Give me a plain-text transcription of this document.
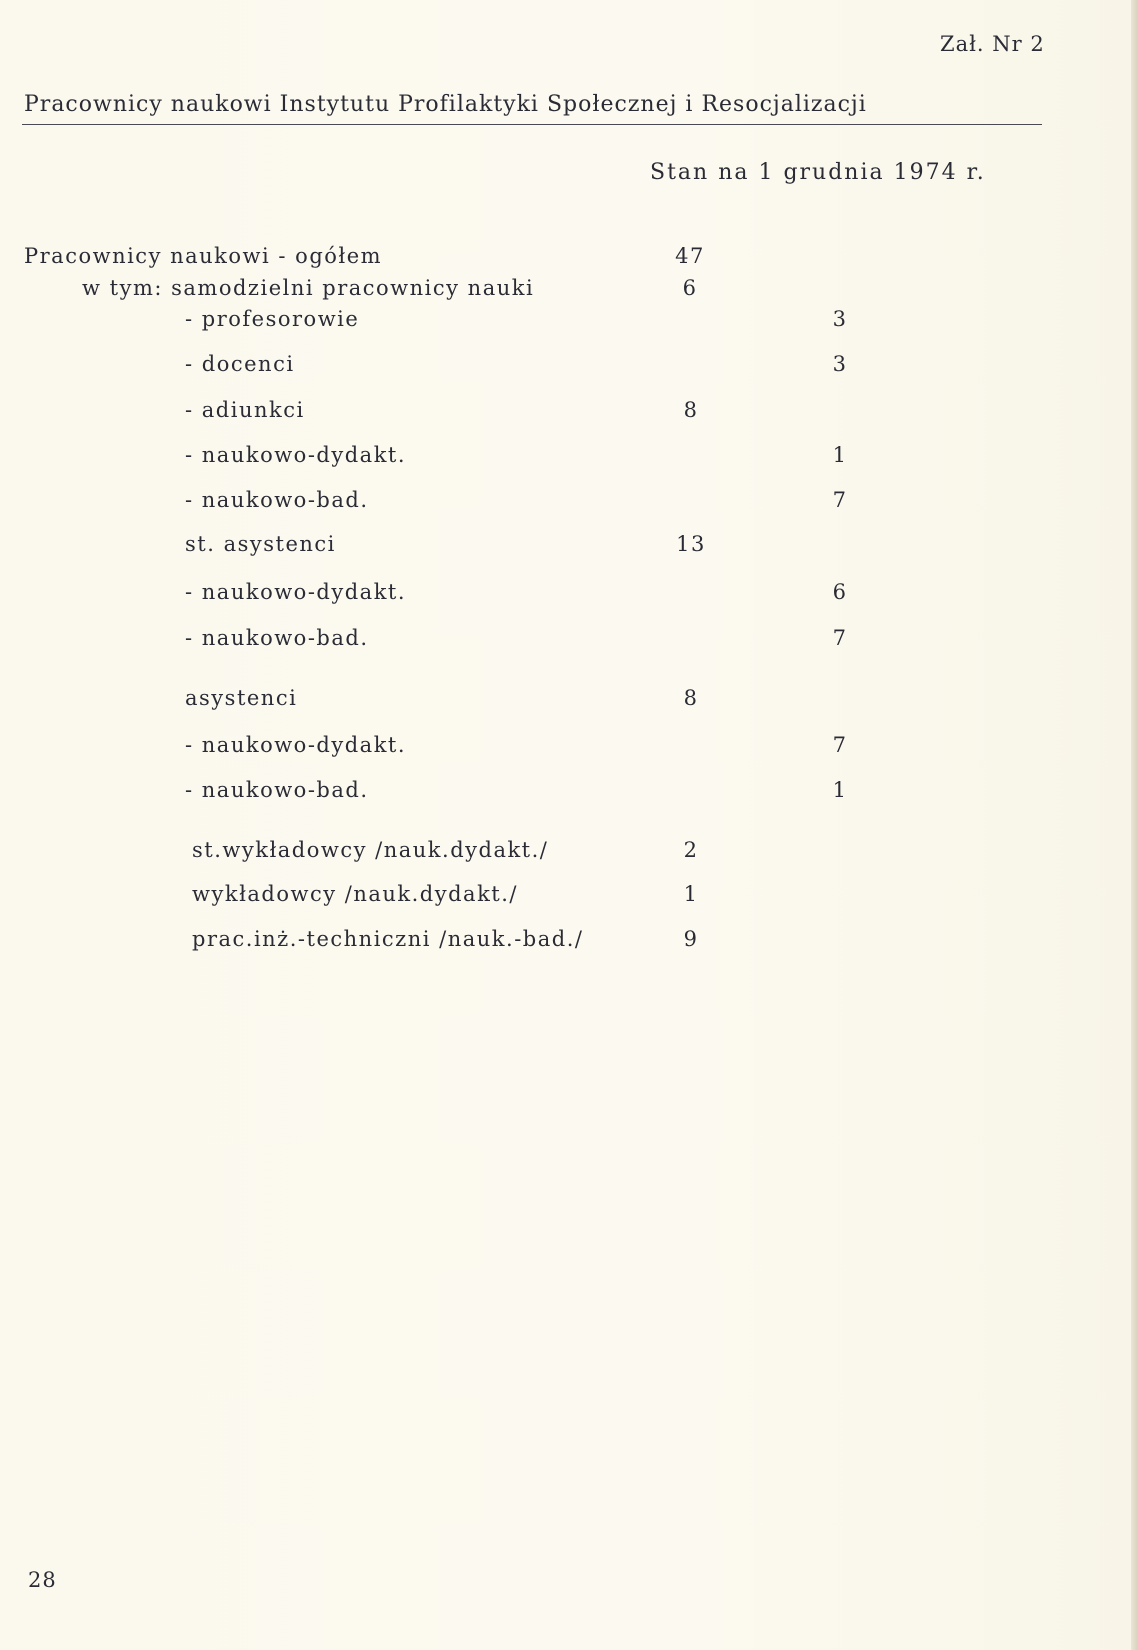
Zał. Nr 2
Pracownicy naukowi Instytutu Profilaktyki Społecznej i Resocjalizacji
Stan na 1 grudnia 1974 r.
Pracownicy naukowi - ogółem	47
w tym: samodzielni pracownicy nauki	6
- profesorowie	3
- docenci	3
- adiunkci	8
- naukowo-dydakt.	1
- naukowo-bad.	7
st. asystenci	13
- naukowo-dydakt.	6
- naukowo-bad.	7
asystenci	8
- naukowo-dydakt.	7
- naukowo-bad.	1
st.wykładowcy /nauk.dydakt./	2
wykładowcy /nauk.dydakt./	1
prac.inż.-techniczni /nauk.-bad./	9
28
